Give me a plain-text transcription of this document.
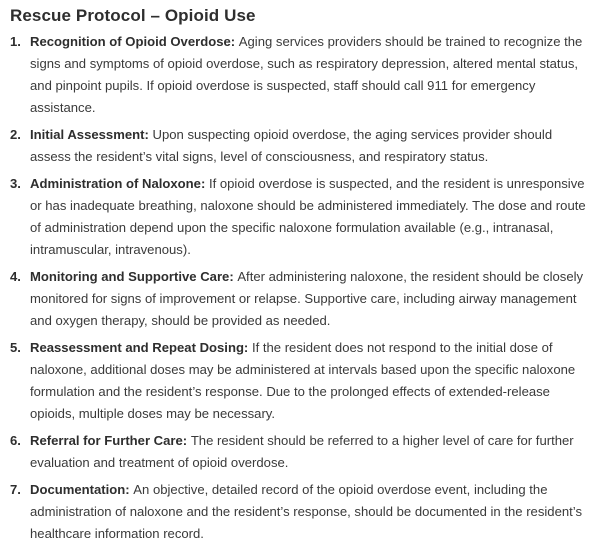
Rescue Protocol – Opioid Use
1. Recognition of Opioid Overdose: Aging services providers should be trained to recognize the signs and symptoms of opioid overdose, such as respiratory depression, altered mental status, and pinpoint pupils. If opioid overdose is suspected, staff should call 911 for emergency assistance.
2. Initial Assessment: Upon suspecting opioid overdose, the aging services provider should assess the resident’s vital signs, level of consciousness, and respiratory status.
3. Administration of Naloxone: If opioid overdose is suspected, and the resident is unresponsive or has inadequate breathing, naloxone should be administered immediately. The dose and route of administration depend upon the specific naloxone formulation available (e.g., intranasal, intramuscular, intravenous).
4. Monitoring and Supportive Care: After administering naloxone, the resident should be closely monitored for signs of improvement or relapse. Supportive care, including airway management and oxygen therapy, should be provided as needed.
5. Reassessment and Repeat Dosing: If the resident does not respond to the initial dose of naloxone, additional doses may be administered at intervals based upon the specific naloxone formulation and the resident’s response. Due to the prolonged effects of extended-release opioids, multiple doses may be necessary.
6. Referral for Further Care: The resident should be referred to a higher level of care for further evaluation and treatment of opioid overdose.
7. Documentation: An objective, detailed record of the opioid overdose event, including the administration of naloxone and the resident’s response, should be documented in the resident’s healthcare information record.
